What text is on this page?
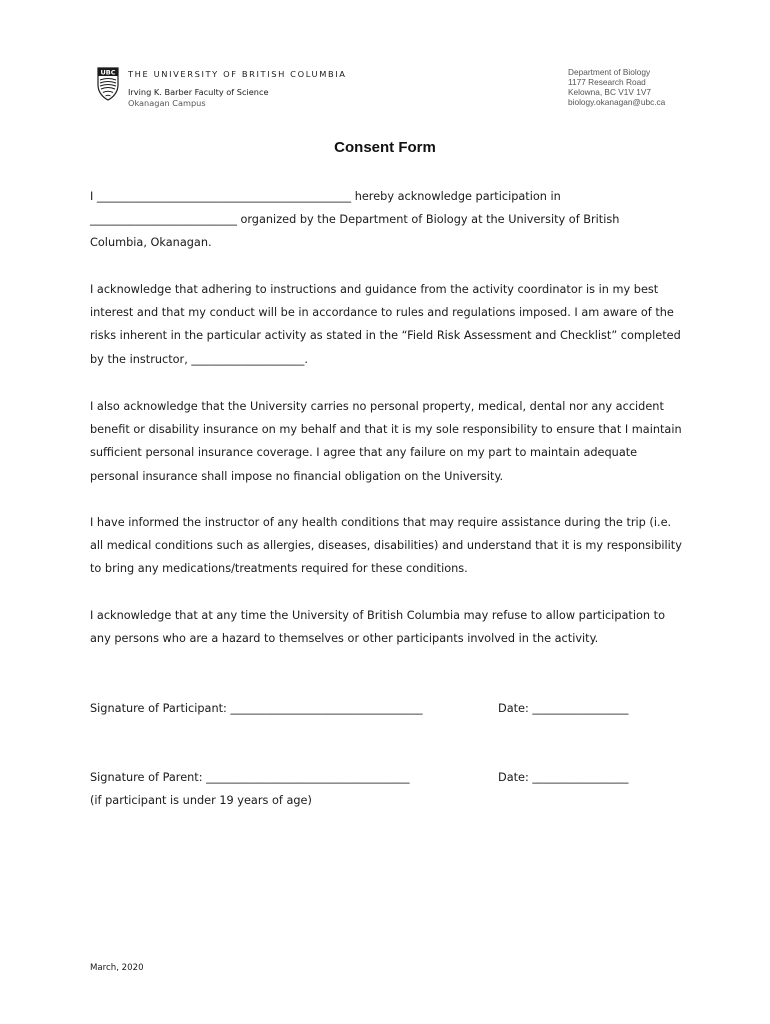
UBC THE UNIVERSITY OF BRITISH COLUMBIA
Irving K. Barber Faculty of Science
Okanagan Campus
Department of Biology
1177 Research Road
Kelowna, BC V1V 1V7
biology.okanagan@ubc.ca
Consent Form
I _____________________________________________ hereby acknowledge participation in
__________________________ organized by the Department of Biology at the University of British
Columbia, Okanagan.
I acknowledge that adhering to instructions and guidance from the activity coordinator is in my best
interest and that my conduct will be in accordance to rules and regulations imposed. I am aware of the
risks inherent in the particular activity as stated in the “Field Risk Assessment and Checklist” completed
by the instructor, ____________________.
I also acknowledge that the University carries no personal property, medical, dental nor any accident
benefit or disability insurance on my behalf and that it is my sole responsibility to ensure that I maintain
sufficient personal insurance coverage. I agree that any failure on my part to maintain adequate
personal insurance shall impose no financial obligation on the University.
I have informed the instructor of any health conditions that may require assistance during the trip (i.e.
all medical conditions such as allergies, diseases, disabilities) and understand that it is my responsibility
to bring any medications/treatments required for these conditions.
I acknowledge that at any time the University of British Columbia may refuse to allow participation to
any persons who are a hazard to themselves or other participants involved in the activity.
Signature of Participant: __________________________________	Date: _________________
Signature of Parent: ____________________________________	Date: _________________
(if participant is under 19 years of age)
March, 2020
